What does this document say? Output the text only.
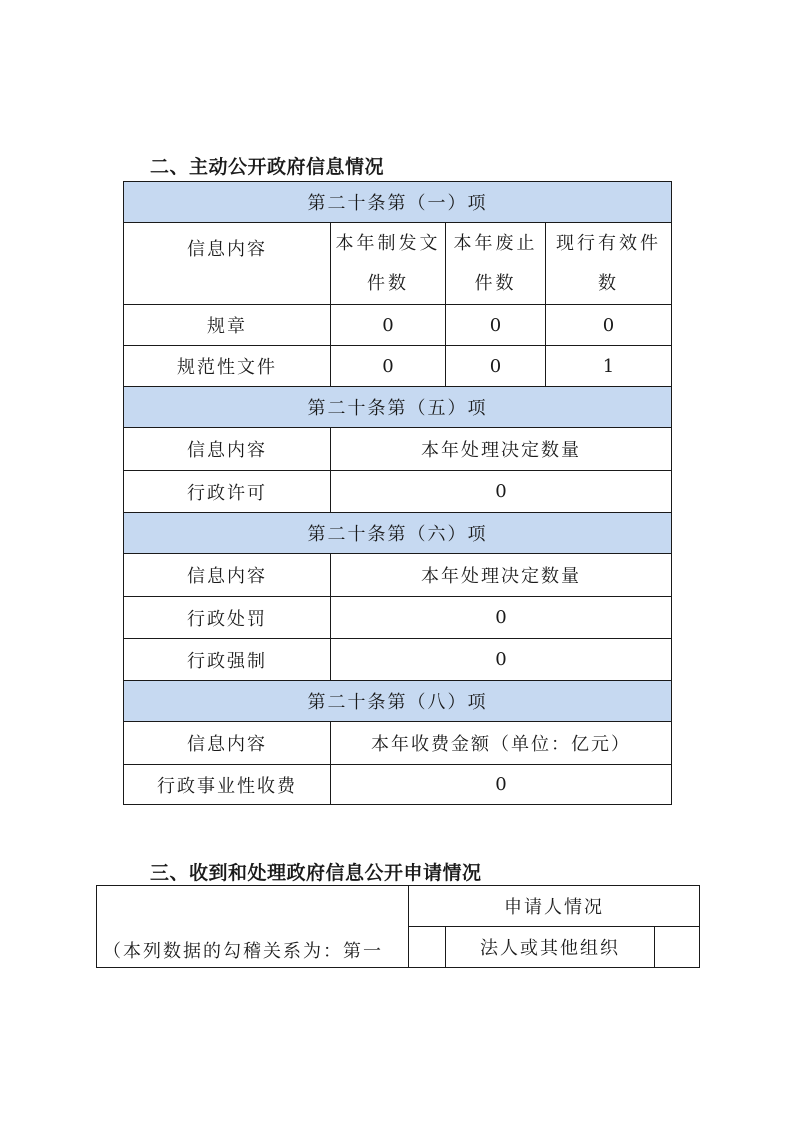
二、主动公开政府信息情况
第二十条第（一）项			
信息内容	本年制发文件数	本年废止件数	现行有效件数
规章	0	0	0
规范性文件	0	0	1
第二十条第（五）项			
信息内容	本年处理决定数量		
行政许可	0		
第二十条第（六）项			
信息内容	本年处理决定数量		
行政处罚	0		
行政强制	0		
第二十条第（八）项			
信息内容	本年收费金额（单位：亿元）		
行政事业性收费	0		
三、收到和处理政府信息公开申请情况
（本列数据的勾稽关系为：第一	申请人情况		
		法人或其他组织	
